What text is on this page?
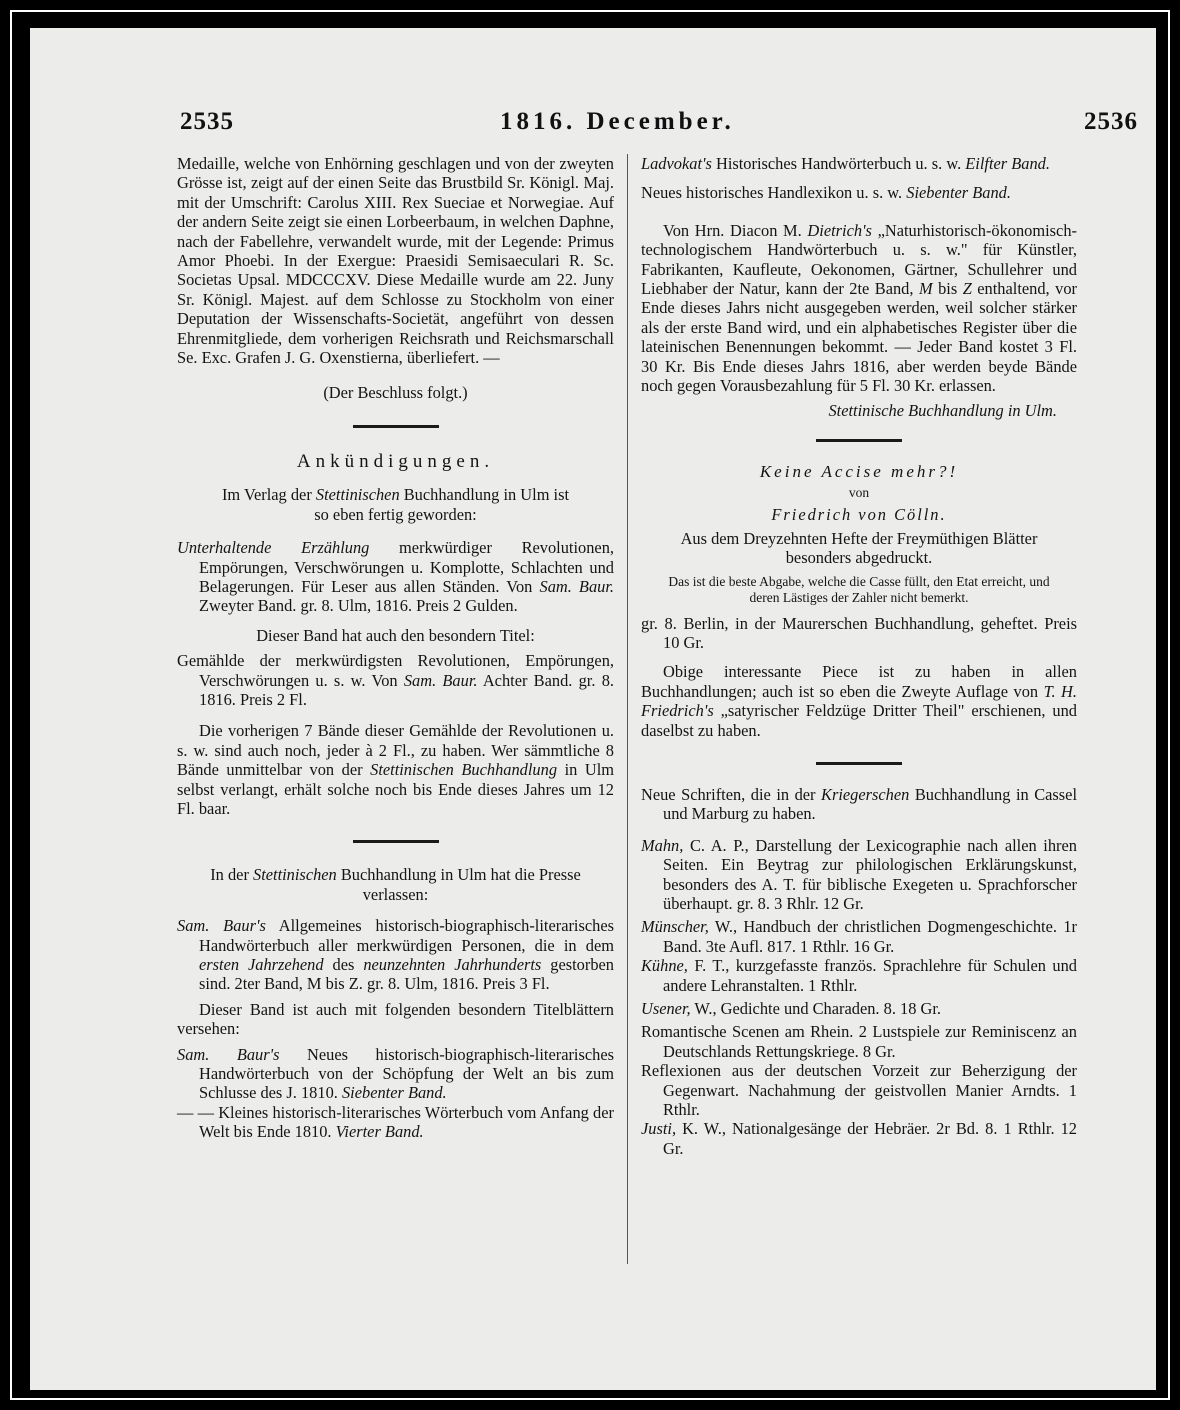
2535	1816. December.	2536

Medaille, welche von Enhörning geschlagen und von der zweyten Grösse ist, zeigt auf der einen Seite das Brustbild Sr. Königl. Maj. mit der Umschrift: Carolus XIII. Rex Sueciae et Norwegiae. Auf der andern Seite zeigt sie einen Lorbeerbaum, in welchen Daphne, nach der Fabellehre, verwandelt wurde, mit der Legende: Primus Amor Phoebi. In der Exergue: Praesidi Semisaeculari R. Sc. Societas Upsal. MDCCCXV. Diese Medaille wurde am 22. Juny Sr. Königl. Majest. auf dem Schlosse zu Stockholm von einer Deputation der Wissenschafts-Societät, angeführt von dessen Ehrenmitgliede, dem vorherigen Reichsrath und Reichsmarschall Se. Exc. Grafen J. G. Oxenstierna, überliefert. —

(Der Beschluss folgt.)

Ankündigungen.

Im Verlag der Stettinischen Buchhandlung in Ulm ist so eben fertig geworden:

Unterhaltende Erzählung merkwürdiger Revolutionen, Empörungen, Verschwörungen u. Komplotte, Schlachten und Belagerungen. Für Leser aus allen Ständen. Von Sam. Baur. Zweyter Band. gr. 8. Ulm, 1816. Preis 2 Gulden.

Dieser Band hat auch den besondern Titel:

Gemählde der merkwürdigsten Revolutionen, Empörungen, Verschwörungen u. s. w. Von Sam. Baur. Achter Band. gr. 8. 1816. Preis 2 Fl.

Die vorherigen 7 Bände dieser Gemählde der Revolutionen u. s. w. sind auch noch, jeder à 2 Fl., zu haben. Wer sämmtliche 8 Bände unmittelbar von der Stettinischen Buchhandlung in Ulm selbst verlangt, erhält solche noch bis Ende dieses Jahres um 12 Fl. baar.

In der Stettinischen Buchhandlung in Ulm hat die Presse verlassen:

Sam. Baur's Allgemeines historisch-biographisch-literarisches Handwörterbuch aller merkwürdigen Personen, die in dem ersten Jahrzehend des neunzehnten Jahrhunderts gestorben sind. 2ter Band, M bis Z. gr. 8. Ulm, 1816. Preis 3 Fl.

Dieser Band ist auch mit folgenden besondern Titelblättern versehen:

Sam. Baur's Neues historisch-biographisch-literarisches Handwörterbuch von der Schöpfung der Welt an bis zum Schlusse des J. 1810. Siebenter Band.

— — Kleines historisch-literarisches Wörterbuch vom Anfang der Welt bis Ende 1810. Vierter Band.

Ladvokat's Historisches Handwörterbuch u. s. w. Eilfter Band.

Neues historisches Handlexikon u. s. w. Siebenter Band.

Von Hrn. Diacon M. Dietrich's „Naturhistorisch-ökonomisch-technologischem Handwörterbuch u. s. w." für Künstler, Fabrikanten, Kaufleute, Oekonomen, Gärtner, Schullehrer und Liebhaber der Natur, kann der 2te Band, M bis Z enthaltend, vor Ende dieses Jahrs nicht ausgegeben werden, weil solcher stärker als der erste Band wird, und ein alphabetisches Register über die lateinischen Benennungen bekommt. — Jeder Band kostet 3 Fl. 30 Kr. Bis Ende dieses Jahrs 1816, aber werden beyde Bände noch gegen Vorausbezahlung für 5 Fl. 30 Kr. erlassen.

Stettinische Buchhandlung in Ulm.

Keine Accise mehr?!

von

Friedrich von Cölln.

Aus dem Dreyzehnten Hefte der Freymüthigen Blätter besonders abgedruckt.

Das ist die beste Abgabe, welche die Casse füllt, den Etat erreicht, und deren Lästiges der Zahler nicht bemerkt.

gr. 8. Berlin, in der Maurerschen Buchhandlung, geheftet. Preis 10 Gr.

Obige interessante Piece ist zu haben in allen Buchhandlungen; auch ist so eben die Zweyte Auflage von T. H. Friedrich's „satyrischer Feldzüge Dritter Theil" erschienen, und daselbst zu haben.

Neue Schriften, die in der Kriegerschen Buchhandlung in Cassel und Marburg zu haben.

Mahn, C. A. P., Darstellung der Lexicographie nach allen ihren Seiten. Ein Beytrag zur philologischen Erklärungskunst, besonders des A. T. für biblische Exegeten u. Sprachforscher überhaupt. gr. 8. 3 Rhlr. 12 Gr.

Münscher, W., Handbuch der christlichen Dogmengeschichte. 1r Band. 3te Aufl. 817. 1 Rthlr. 16 Gr.

Kühne, F. T., kurzgefasste französ. Sprachlehre für Schulen und andere Lehranstalten. 1 Rthlr.

Usener, W., Gedichte und Charaden. 8. 18 Gr.

Romantische Scenen am Rhein. 2 Lustspiele zur Reminiscenz an Deutschlands Rettungskriege. 8 Gr.

Reflexionen aus der deutschen Vorzeit zur Beherzigung der Gegenwart. Nachahmung der geistvollen Manier Arndts. 1 Rthlr.

Justi, K. W., Nationalgesänge der Hebräer. 2r Bd. 8. 1 Rthlr. 12 Gr.
